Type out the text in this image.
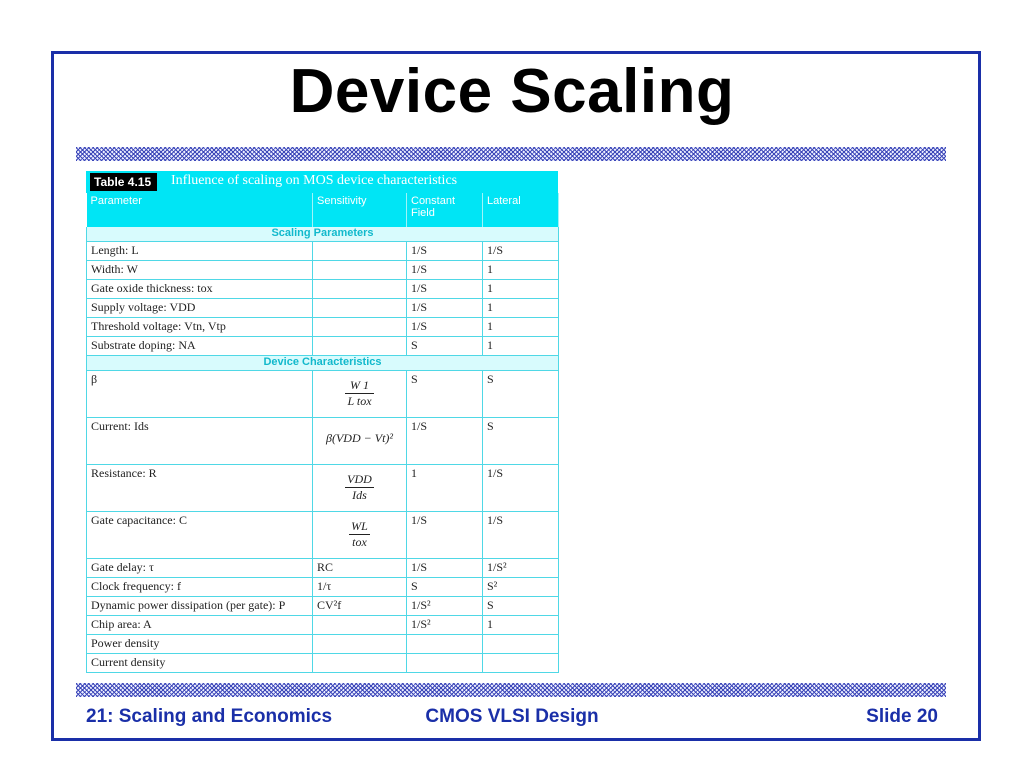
Device Scaling
Table 4.15	Influence of scaling on MOS device characteristics
Parameter	Sensitivity	Constant Field	Lateral
Scaling Parameters			
Length: L		1/S	1/S
Width: W		1/S	1
Gate oxide thickness: tox		1/S	1
Supply voltage: VDD		1/S	1
Threshold voltage: Vtn, Vtp		1/S	1
Substrate doping: NA		S	1
Device Characteristics			
β	$\frac{W 1}{\text{L tox}}$	S	S
Current: Ids	β(VDD − Vt)²	1/S	S
Resistance: R	$\frac{\text{VDD}}{\text{Ids}}$	1	1/S
Gate capacitance: C	$\frac{WL}{\text{tox}}$	1/S	1/S
Gate delay: τ	RC	1/S	1/S²
Clock frequency: f	1/τ	S	S²
Dynamic power dissipation (per gate): P	CV²f	1/S²	S
Chip area: A		1/S²	1
Power density			
Current density			
21: Scaling and Economics	CMOS VLSI Design	Slide 20
